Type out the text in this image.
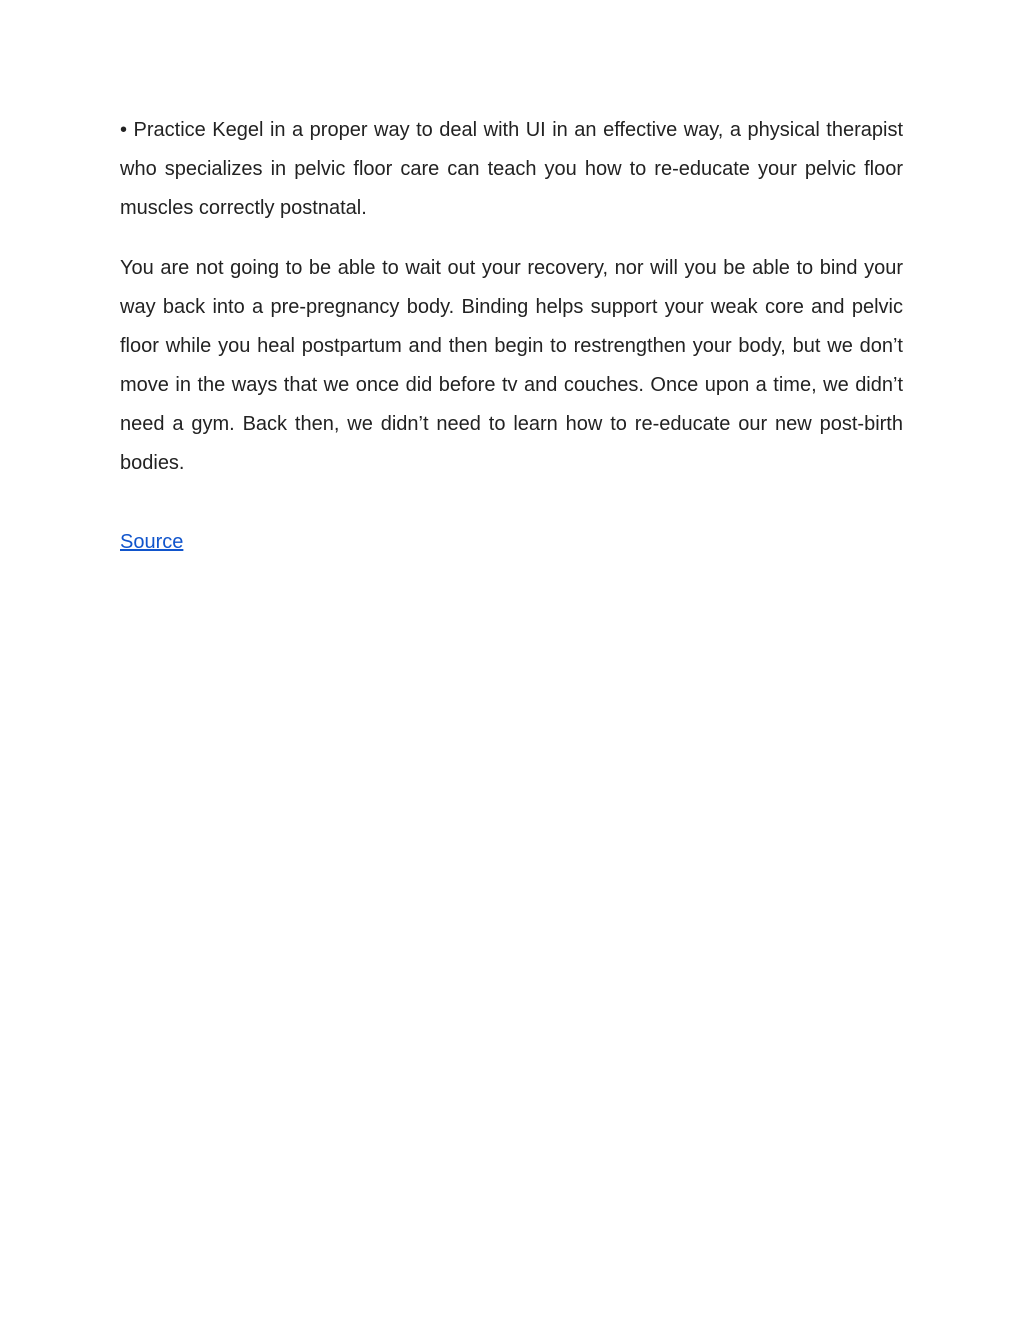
• Practice Kegel in a proper way to deal with UI in an effective way, a physical therapist who specializes in pelvic floor care can teach you how to re-educate your pelvic floor muscles correctly postnatal.

You are not going to be able to wait out your recovery, nor will you be able to bind your way back into a pre-pregnancy body. Binding helps support your weak core and pelvic floor while you heal postpartum and then begin to restrengthen your body, but we don’t move in the ways that we once did before tv and couches. Once upon a time, we didn’t need a gym. Back then, we didn’t need to learn how to re-educate our new post-birth bodies.

Source
